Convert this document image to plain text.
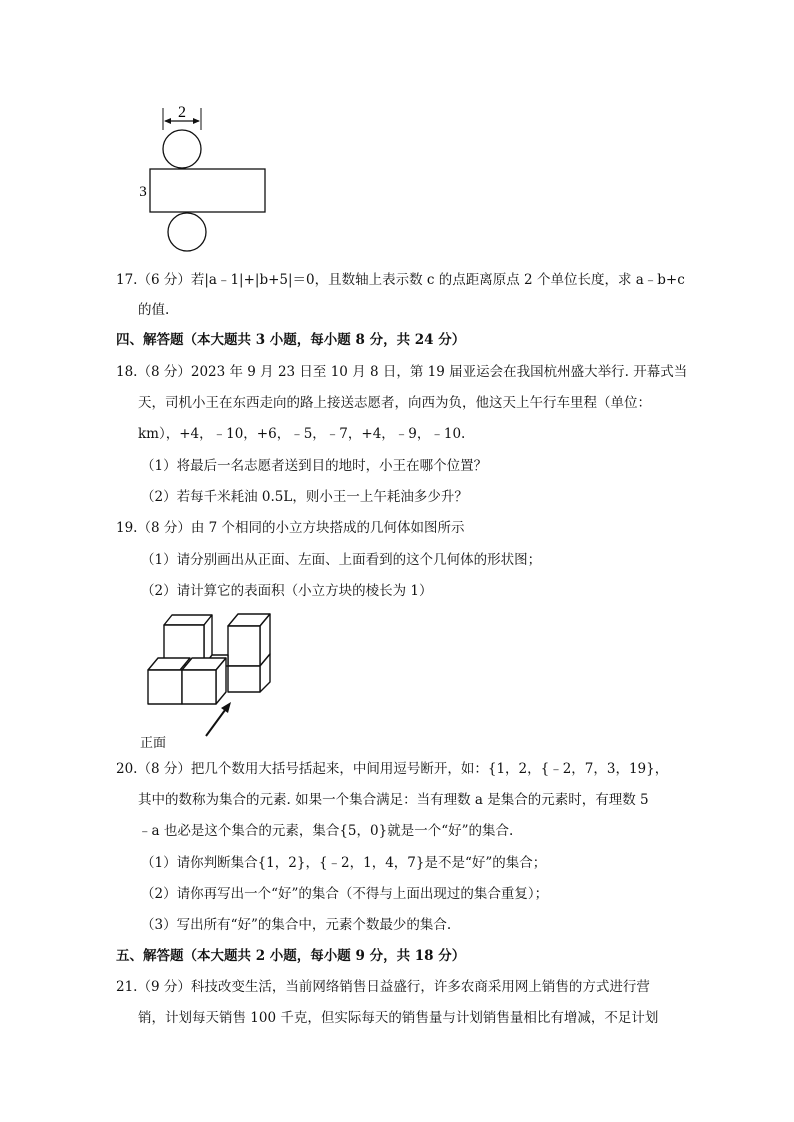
2
3
17.（6 分）若|a﹣1|+|b+5|＝0，且数轴上表示数 c 的点距离原点 2 个单位长度，求 a﹣b+c
的值.
四、解答题（本大题共 3 小题，每小题 8 分，共 24 分）
18.（8 分）2023 年 9 月 23 日至 10 月 8 日，第 19 届亚运会在我国杭州盛大举行. 开幕式当
天，司机小王在东西走向的路上接送志愿者，向西为负，他这天上午行车里程（单位：
km），+4，﹣10，+6，﹣5，﹣7，+4，﹣9，﹣10.
（1）将最后一名志愿者送到目的地时，小王在哪个位置？
（2）若每千米耗油 0.5L，则小王一上午耗油多少升？
19.（8 分）由 7 个相同的小立方块搭成的几何体如图所示
（1）请分别画出从正面、左面、上面看到的这个几何体的形状图；
（2）请计算它的表面积（小立方块的棱长为 1）
正面
20.（8 分）把几个数用大括号括起来，中间用逗号断开，如：{1，2，{﹣2，7，3，19}，
其中的数称为集合的元素. 如果一个集合满足：当有理数 a 是集合的元素时，有理数 5
﹣a 也必是这个集合的元素，集合{5，0}就是一个“好”的集合.
（1）请你判断集合{1，2}，{﹣2，1，4，7}是不是“好”的集合；
（2）请你再写出一个“好”的集合（不得与上面出现过的集合重复）；
（3）写出所有“好”的集合中，元素个数最少的集合.
五、解答题（本大题共 2 小题，每小题 9 分，共 18 分）
21.（9 分）科技改变生活，当前网络销售日益盛行，许多农商采用网上销售的方式进行营
销，计划每天销售 100 千克，但实际每天的销售量与计划销售量相比有增减，不足计划
